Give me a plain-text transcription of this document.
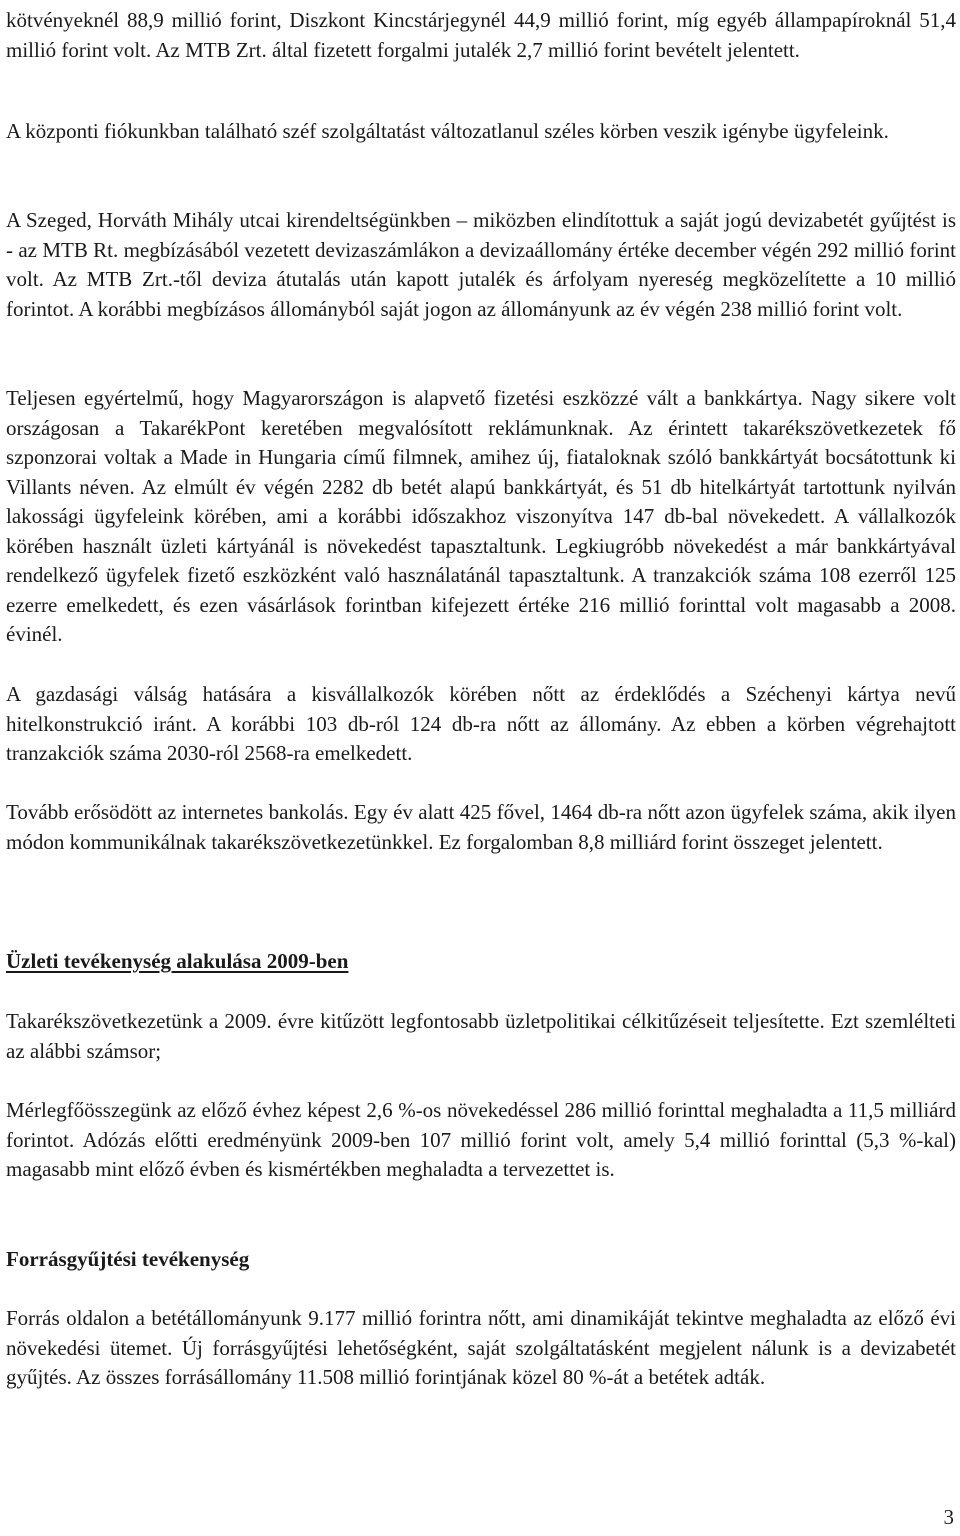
kötvényeknél 88,9 millió forint, Diszkont Kincstárjegynél 44,9 millió forint, míg egyéb állampapíroknál 51,4 millió forint volt. Az MTB Zrt. által fizetett forgalmi jutalék 2,7 millió forint bevételt jelentett.

A központi fiókunkban található széf szolgáltatást változatlanul széles körben veszik igénybe ügyfeleink.

A Szeged, Horváth Mihály utcai kirendeltségünkben – miközben elindítottuk a saját jogú devizabetét gyűjtést is - az MTB Rt. megbízásából vezetett devizaszámlákon a devizaállomány értéke december végén 292 millió forint volt. Az MTB Zrt.-től deviza átutalás után kapott jutalék és árfolyam nyereség megközelítette a 10 millió forintot. A korábbi megbízásos állományból saját jogon az állományunk az év végén 238 millió forint volt.

Teljesen egyértelmű, hogy Magyarországon is alapvető fizetési eszközzé vált a bankkártya. Nagy sikere volt országosan a TakarékPont keretében megvalósított reklámunknak. Az érintett takarékszövetkezetek fő szponzorai voltak a Made in Hungaria című filmnek, amihez új, fiataloknak szóló bankkártyát bocsátottunk ki Villants néven. Az elmúlt év végén 2282 db betét alapú bankkártyát, és 51 db hitelkártyát tartottunk nyilván lakossági ügyfeleink körében, ami a korábbi időszakhoz viszonyítva 147 db-bal növekedett. A vállalkozók körében használt üzleti kártyánál is növekedést tapasztaltunk. Legkiugróbb növekedést a már bankkártyával rendelkező ügyfelek fizető eszközként való használatánál tapasztaltunk. A tranzakciók száma 108 ezerről 125 ezerre emelkedett, és ezen vásárlások forintban kifejezett értéke 216 millió forinttal volt magasabb a 2008. évinél.

A gazdasági válság hatására a kisvállalkozók körében nőtt az érdeklődés a Széchenyi kártya nevű hitelkonstrukció iránt. A korábbi 103 db-ról 124 db-ra nőtt az állomány. Az ebben a körben végrehajtott tranzakciók száma 2030-ról 2568-ra emelkedett.

Tovább erősödött az internetes bankolás. Egy év alatt 425 fővel, 1464 db-ra nőtt azon ügyfelek száma, akik ilyen módon kommunikálnak takarékszövetkezetünkkel. Ez forgalomban 8,8 milliárd forint összeget jelentett.

Üzleti tevékenység alakulása 2009-ben

Takarékszövetkezetünk a 2009. évre kitűzött legfontosabb üzletpolitikai célkitűzéseit teljesítette. Ezt szemlélteti az alábbi számsor;

Mérlegfőösszegünk az előző évhez képest 2,6 %-os növekedéssel 286 millió forinttal meghaladta a 11,5 milliárd forintot. Adózás előtti eredményünk 2009-ben 107 millió forint volt, amely 5,4 millió forinttal (5,3 %-kal) magasabb mint előző évben és kismértékben meghaladta a tervezettet is.

Forrásgyűjtési tevékenység

Forrás oldalon a betétállományunk 9.177 millió forintra nőtt, ami dinamikáját tekintve meghaladta az előző évi növekedési ütemet. Új forrásgyűjtési lehetőségként, saját szolgáltatásként megjelent nálunk is a devizabetét gyűjtés. Az összes forrásállomány 11.508 millió forintjának közel 80 %-át a betétek adták.

3
